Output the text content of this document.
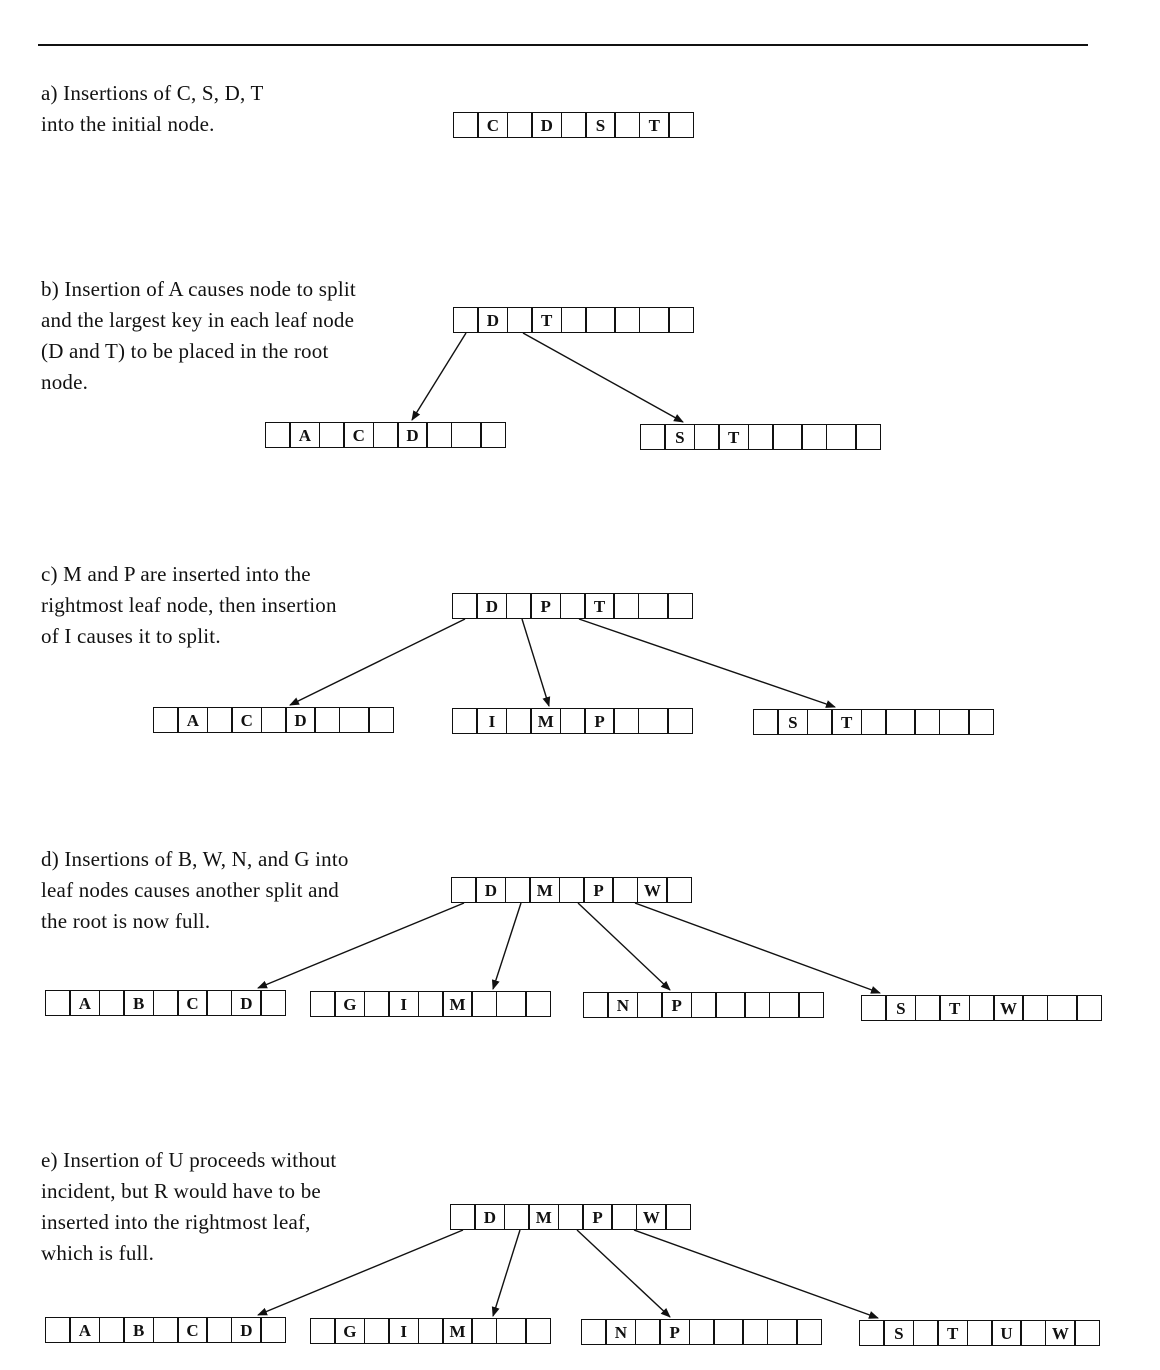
a) Insertions of C, S, D, T
into the initial node.	C	D	S	T
b) Insertion of A causes node to split
and the largest key in each leaf node
(D and T) to be placed in the root
node.
D	T
A	C	D	S	T
c) M and P are inserted into the
rightmost leaf node, then insertion
of I causes it to split.
D	P	T
A	C	D	I	M	P	S	T
d) Insertions of B, W, N, and G into
leaf nodes causes another split and
the root is now full.
D	M	P	W
A	B	C	D	G	I	M	N	P	S	T	W
e) Insertion of U proceeds without
incident, but R would have to be
inserted into the rightmost leaf,
which is full.
D	M	P	W
A	B	C	D	G	I	M	N	P	S	T	U	W
